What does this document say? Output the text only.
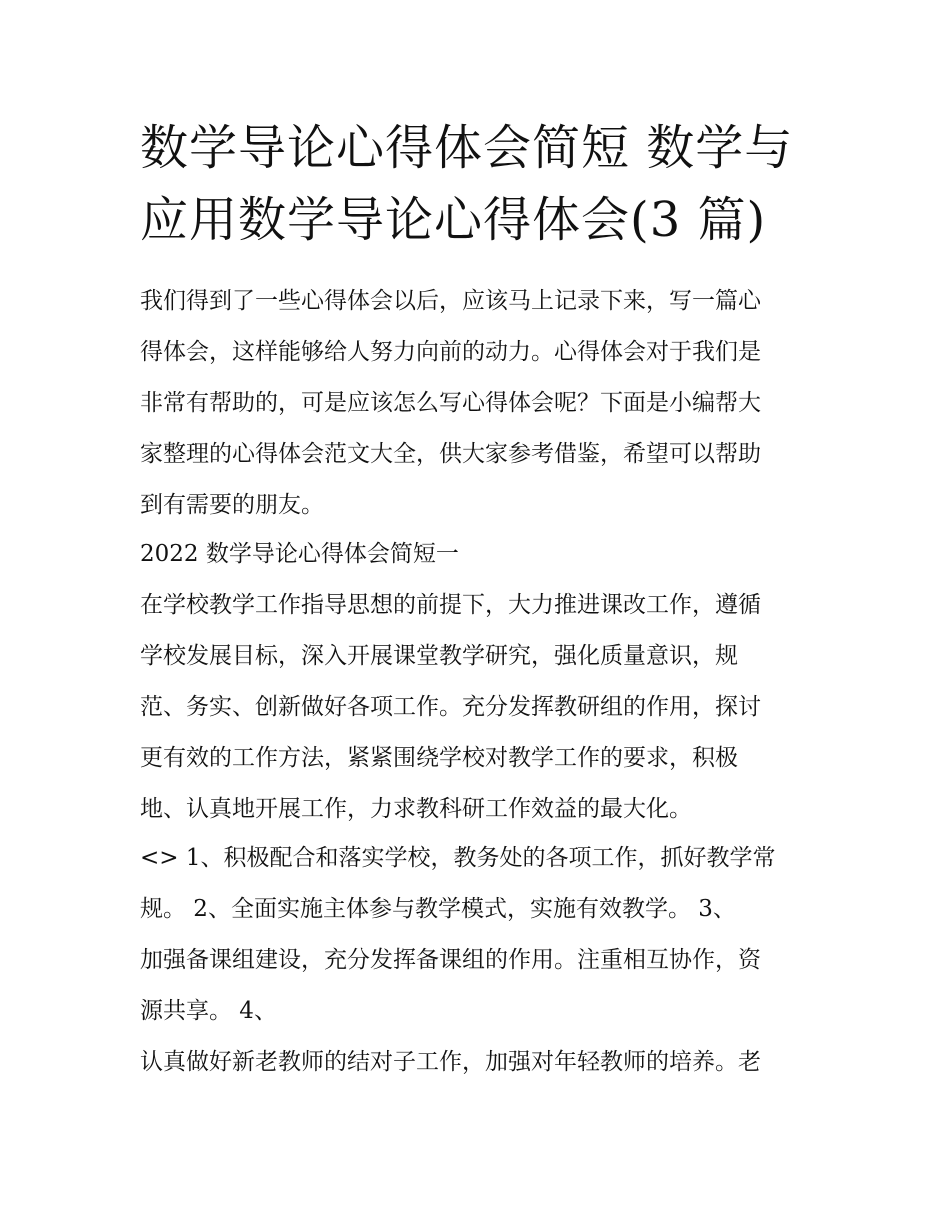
数学导论心得体会简短 数学与
应用数学导论心得体会(3 篇)

我们得到了一些心得体会以后，应该马上记录下来，写一篇心
得体会，这样能够给人努力向前的动力。心得体会对于我们是
非常有帮助的，可是应该怎么写心得体会呢？下面是小编帮大
家整理的心得体会范文大全，供大家参考借鉴，希望可以帮助
到有需要的朋友。

2022 数学导论心得体会简短一

在学校教学工作指导思想的前提下，大力推进课改工作，遵循
学校发展目标，深入开展课堂教学研究，强化质量意识，规
范、务实、创新做好各项工作。充分发挥教研组的作用，探讨
更有效的工作方法，紧紧围绕学校对教学工作的要求，积极
地、认真地开展工作，力求教科研工作效益的最大化。

<> 1、积极配合和落实学校，教务处的各项工作，抓好教学常
规。 2、全面实施主体参与教学模式，实施有效教学。 3、
加强备课组建设，充分发挥备课组的作用。注重相互协作，资
源共享。 4、

认真做好新老教师的结对子工作，加强对年轻教师的培养。老
